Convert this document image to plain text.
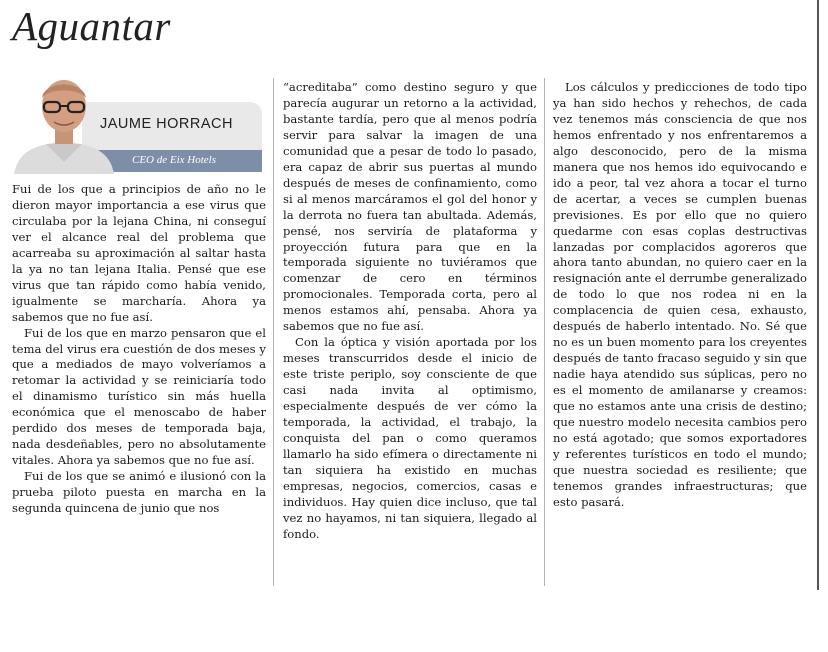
Aguantar
JAUME HORRACH
CEO de Eix Hotels

Fui de los que a principios de año no le dieron mayor importancia a ese virus que circulaba por la lejana China, ni conseguí ver el alcance real del problema que acarreaba su aproximación al saltar hasta la ya no tan lejana Italia. Pensé que ese virus que tan rápido como había venido, igualmente se marcharía. Ahora ya sabemos que no fue así.

Fui de los que en marzo pensaron que el tema del virus era cuestión de dos meses y que a mediados de mayo volveríamos a retomar la actividad y se reiniciaría todo el dinamismo turístico sin más huella económica que el menoscabo de haber perdido dos meses de temporada baja, nada desdeñables, pero no absolutamente vitales. Ahora ya sabemos que no fue así.

Fui de los que se animó e ilusionó con la prueba piloto puesta en marcha en la segunda quincena de junio que nos

“acreditaba” como destino seguro y que parecía augurar un retorno a la actividad, bastante tardía, pero que al menos podría servir para salvar la imagen de una comunidad que a pesar de todo lo pasado, era capaz de abrir sus puertas al mundo después de meses de confinamiento, como si al menos marcáramos el gol del honor y la derrota no fuera tan abultada. Además, pensé, nos serviría de plataforma y proyección futura para que en la temporada siguiente no tuviéramos que comenzar de cero en términos promocionales. Temporada corta, pero al menos estamos ahí, pensaba. Ahora ya sabemos que no fue así.

Con la óptica y visión aportada por los meses transcurridos desde el inicio de este triste periplo, soy consciente de que casi nada invita al optimismo, especialmente después de ver cómo la temporada, la actividad, el trabajo, la conquista del pan o como queramos llamarlo ha sido efímera o directamente ni tan siquiera ha existido en muchas empresas, negocios, comercios, casas e individuos. Hay quien dice incluso, que tal vez no hayamos, ni tan siquiera, llegado al fondo.

Los cálculos y predicciones de todo tipo ya han sido hechos y rehechos, de cada vez tenemos más consciencia de que nos hemos enfrentado y nos enfrentaremos a algo desconocido, pero de la misma manera que nos hemos ido equivocando e ido a peor, tal vez ahora a tocar el turno de acertar, a veces se cumplen buenas previsiones. Es por ello que no quiero quedarme con esas coplas destructivas lanzadas por complacidos agoreros que ahora tanto abundan, no quiero caer en la resignación ante el derrumbe generalizado de todo lo que nos rodea ni en la complacencia de quien cesa, exhausto, después de haberlo intentado. No. Sé que no es un buen momento para los creyentes después de tanto fracaso seguido y sin que nadie haya atendido sus súplicas, pero no es el momento de amilanarse y creamos: que no estamos ante una crisis de destino; que nuestro modelo necesita cambios pero no está agotado; que somos exportadores y referentes turísticos en todo el mundo; que nuestra sociedad es resiliente; que tenemos grandes infraestructuras; que esto pasará.
